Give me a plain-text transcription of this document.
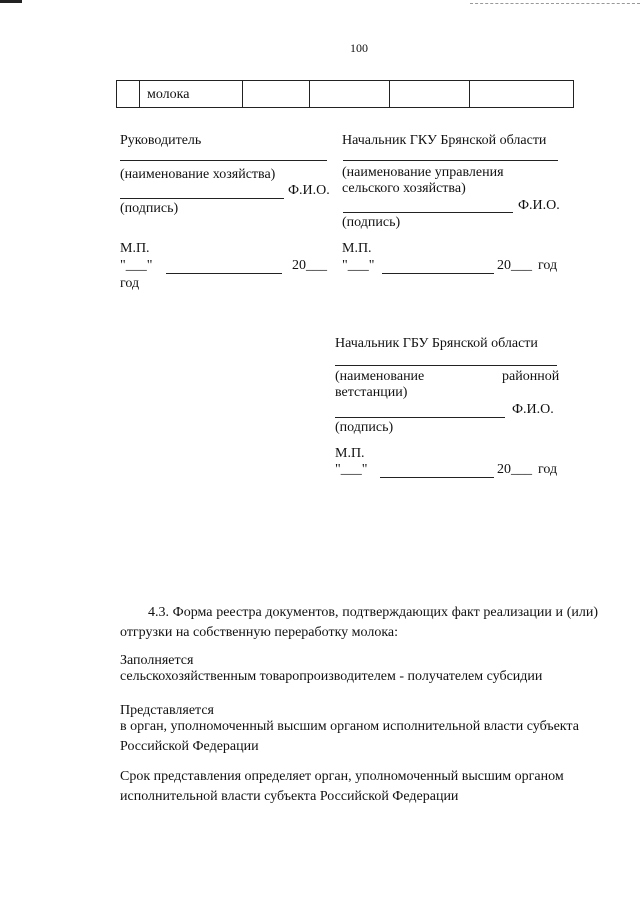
100
молока
Руководитель
(наименование хозяйства)
Ф.И.О.
(подпись)
М.П.
"___"	20___
год
Начальник ГКУ Брянской области
(наименование управления
сельского хозяйства)
Ф.И.О.
(подпись)
М.П.
"___"	20___ год
Начальник ГБУ Брянской области
(наименование	районной
ветстанции)
Ф.И.О.
(подпись)
М.П.
"___"	20___ год
4.3. Форма реестра документов, подтверждающих факт реализации и (или) отгрузки на собственную переработку молока:
Заполняется
сельскохозяйственным товаропроизводителем - получателем субсидии
Представляется
в орган, уполномоченный высшим органом исполнительной власти субъекта Российской Федерации
Срок представления определяет орган, уполномоченный высшим органом исполнительной власти субъекта Российской Федерации
